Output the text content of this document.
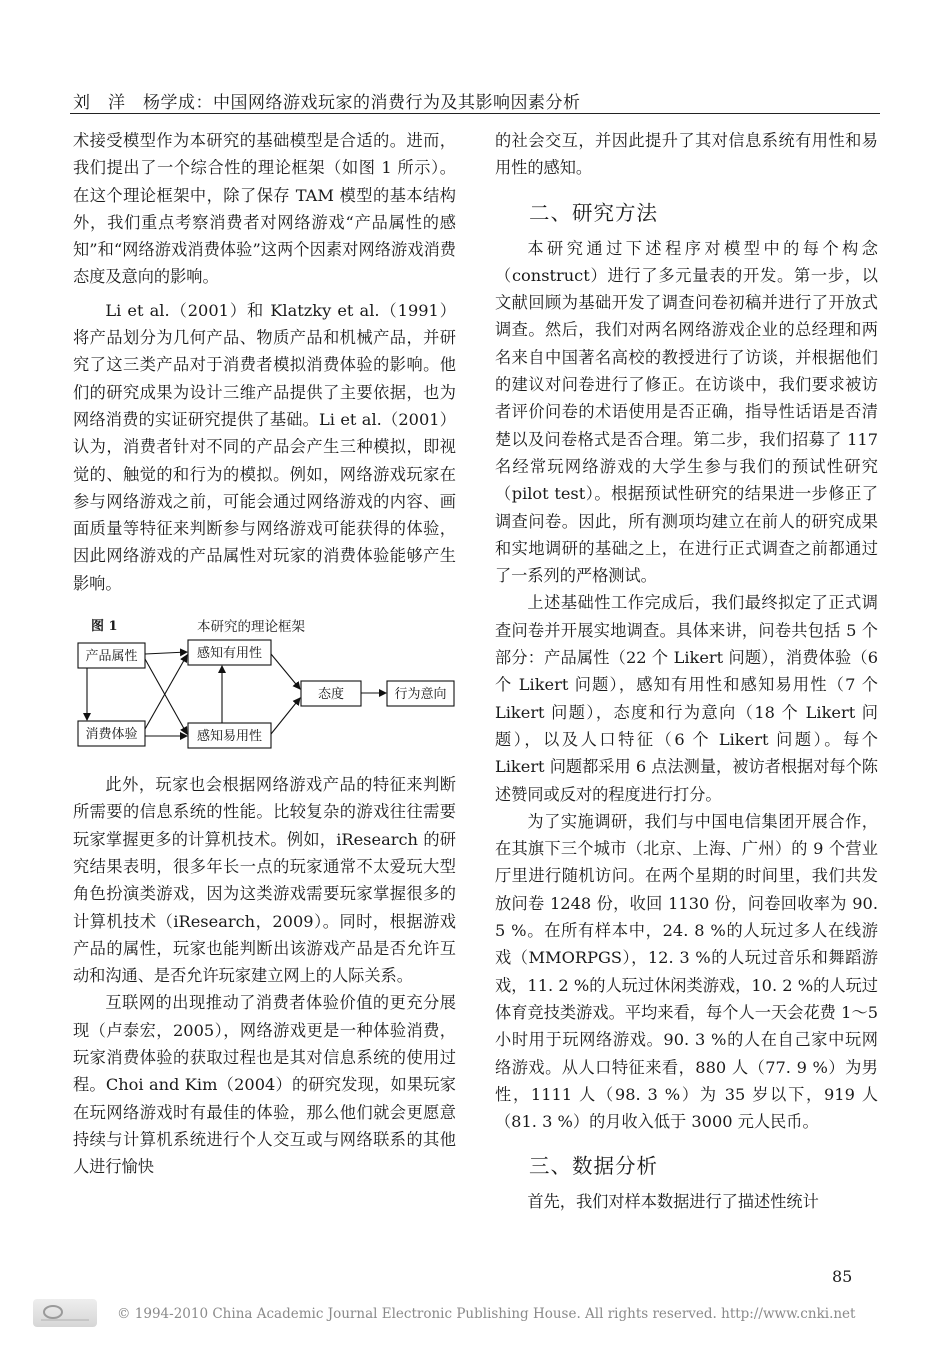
刘　洋　杨学成：中国网络游戏玩家的消费行为及其影响因素分析

术接受模型作为本研究的基础模型是合适的。进而，我们提出了一个综合性的理论框架（如图 1 所示）。在这个理论框架中，除了保存 TAM 模型的基本结构外，我们重点考察消费者对网络游戏“产品属性的感知”和“网络游戏消费体验”这两个因素对网络游戏消费态度及意向的影响。

Li et al.（2001）和 Klatzky et al.（1991）将产品划分为几何产品、物质产品和机械产品，并研究了这三类产品对于消费者模拟消费体验的影响。他们的研究成果为设计三维产品提供了主要依据，也为网络消费的实证研究提供了基础。Li et al.（2001）认为，消费者针对不同的产品会产生三种模拟，即视觉的、触觉的和行为的模拟。例如，网络游戏玩家在参与网络游戏之前，可能会通过网络游戏的内容、画面质量等特征来判断参与网络游戏可能获得的体验，因此网络游戏的产品属性对玩家的消费体验能够产生影响。

图 1	本研究的理论框架
产品属性
消费体验
感知有用性
感知易用性
态度	行为意向

此外，玩家也会根据网络游戏产品的特征来判断所需要的信息系统的性能。比较复杂的游戏往往需要玩家掌握更多的计算机技术。例如，iResearch 的研究结果表明，很多年长一点的玩家通常不太爱玩大型角色扮演类游戏，因为这类游戏需要玩家掌握很多的计算机技术（iResearch，2009）。同时，根据游戏产品的属性，玩家也能判断出该游戏产品是否允许互动和沟通、是否允许玩家建立网上的人际关系。

互联网的出现推动了消费者体验价值的更充分展现（卢泰宏，2005），网络游戏更是一种体验消费，玩家消费体验的获取过程也是其对信息系统的使用过程。Choi and Kim（2004）的研究发现，如果玩家在玩网络游戏时有最佳的体验，那么他们就会更愿意持续与计算机系统进行个人交互或与网络联系的其他人进行愉快

的社会交互，并因此提升了其对信息系统有用性和易用性的感知。

二、研究方法

本研究通过下述程序对模型中的每个构念（construct）进行了多元量表的开发。第一步，以文献回顾为基础开发了调查问卷初稿并进行了开放式调查。然后，我们对两名网络游戏企业的总经理和两名来自中国著名高校的教授进行了访谈，并根据他们的建议对问卷进行了修正。在访谈中，我们要求被访者评价问卷的术语使用是否正确，指导性话语是否清楚以及问卷格式是否合理。第二步，我们招募了 117 名经常玩网络游戏的大学生参与我们的预试性研究（pilot test）。根据预试性研究的结果进一步修正了调查问卷。因此，所有测项均建立在前人的研究成果和实地调研的基础之上，在进行正式调查之前都通过了一系列的严格测试。

上述基础性工作完成后，我们最终拟定了正式调查问卷并开展实地调查。具体来讲，问卷共包括 5 个部分：产品属性（22 个 Likert 问题），消费体验（6 个 Likert 问题），感知有用性和感知易用性（7 个 Likert 问题），态度和行为意向（18 个 Likert 问题），以及人口特征（6 个 Likert 问题）。每个 Likert 问题都采用 6 点法测量，被访者根据对每个陈述赞同或反对的程度进行打分。

为了实施调研，我们与中国电信集团开展合作，在其旗下三个城市（北京、上海、广州）的 9 个营业厅里进行随机访问。在两个星期的时间里，我们共发放问卷 1248 份，收回 1130 份，问卷回收率为 90. 5 %。在所有样本中，24. 8 %的人玩过多人在线游戏（MMORPGS），12. 3 %的人玩过音乐和舞蹈游戏，11. 2 %的人玩过休闲类游戏，10. 2 %的人玩过体育竞技类游戏。平均来看，每个人一天会花费 1～5 小时用于玩网络游戏。90. 3 %的人在自己家中玩网络游戏。从人口特征来看，880 人（77. 9 %）为男性，1111 人（98. 3 %）为 35 岁以下，919 人（81. 3 %）的月收入低于 3000 元人民币。

三、数据分析

首先，我们对样本数据进行了描述性统计

85
© 1994-2010 China Academic Journal Electronic Publishing House. All rights reserved. http://www.cnki.net
